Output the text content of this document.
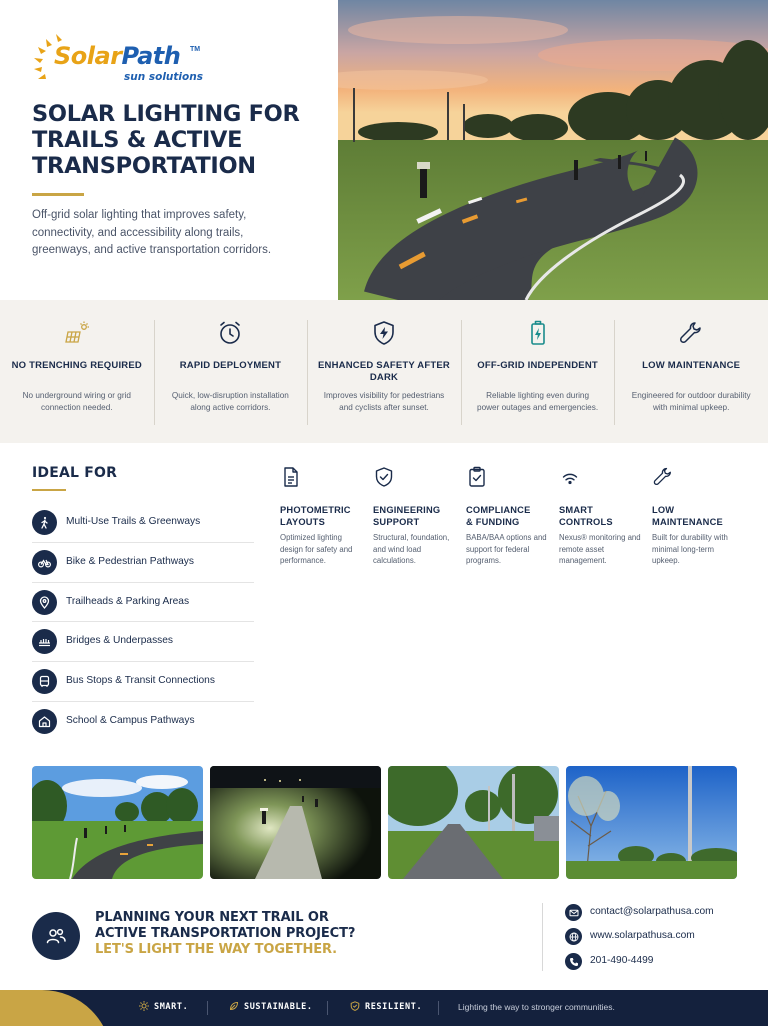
SolarPath TM
sun solutions
SOLAR LIGHTING FOR
TRAILS & ACTIVE
TRANSPORTATION

Off-grid solar lighting that improves safety, connectivity, and accessibility along trails, greenways, and active transportation corridors.

NO TRENCHING REQUIRED
No underground wiring or grid connection needed.
RAPID DEPLOYMENT
Quick, low-disruption installation along active corridors.
ENHANCED SAFETY AFTER DARK
Improves visibility for pedestrians and cyclists after sunset.
OFF-GRID INDEPENDENT
Reliable lighting even during power outages and emergencies.
LOW MAINTENANCE
Engineered for outdoor durability with minimal upkeep.
IDEAL FOR
Multi-Use Trails & Greenways
Bike & Pedestrian Pathways
Trailheads & Parking Areas
Bridges & Underpasses
Bus Stops & Transit Connections
School & Campus Pathways
PHOTOMETRIC
LAYOUTS
Optimized lighting design for safety and performance.
ENGINEERING
SUPPORT
Structural, foundation, and wind load calculations.
COMPLIANCE
& FUNDING
BABA/BAA options and support for federal programs.
SMART
CONTROLS
Nexus® monitoring and remote asset management.
LOW
MAINTENANCE
Built for durability with minimal long-term upkeep.
PLANNING YOUR NEXT TRAIL OR
ACTIVE TRANSPORTATION PROJECT?
LET'S LIGHT THE WAY TOGETHER.
contact@solarpathusa.com
www.solarpathusa.com
201-490-4499
SMART.	SUSTAINABLE.	RESILIENT.	Lighting the way to stronger communities.
